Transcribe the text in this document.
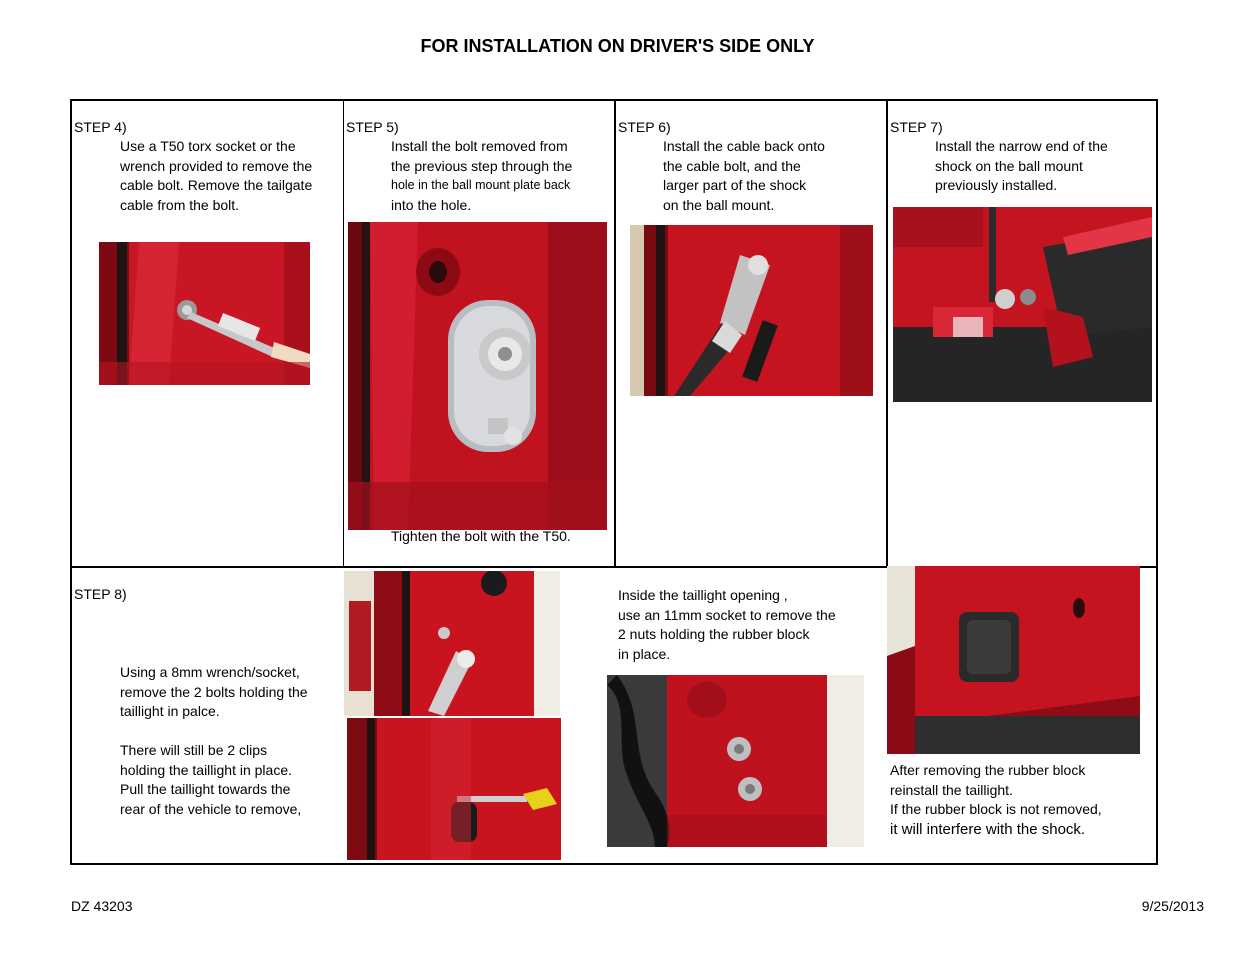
FOR INSTALLATION ON DRIVER'S SIDE ONLY
STEP 4)
Use a T50 torx socket or the
wrench provided to remove the
cable bolt. Remove the tailgate
cable from the bolt.
STEP 5)
Install the bolt removed from
the previous step through the
hole in the ball mount plate back
into the hole.
Tighten the bolt with the T50.
STEP 6)
Install the cable back onto
the cable bolt, and the
larger part of the shock
on the ball mount.
STEP 7)
Install the narrow end of the
shock on the ball mount
previously installed.
STEP 8)
Using a 8mm wrench/socket,
remove the 2 bolts holding the
taillight in palce.
There will still be 2 clips
holding the taillight in place.
Pull the taillight towards the
rear of the vehicle to remove,
Inside the taillight opening ,
use an 11mm socket to remove the
2 nuts holding the rubber block
in place.
After removing the rubber block
reinstall the taillight.
If the rubber block is not removed,
it will interfere with the shock.
DZ 43203	9/25/2013
